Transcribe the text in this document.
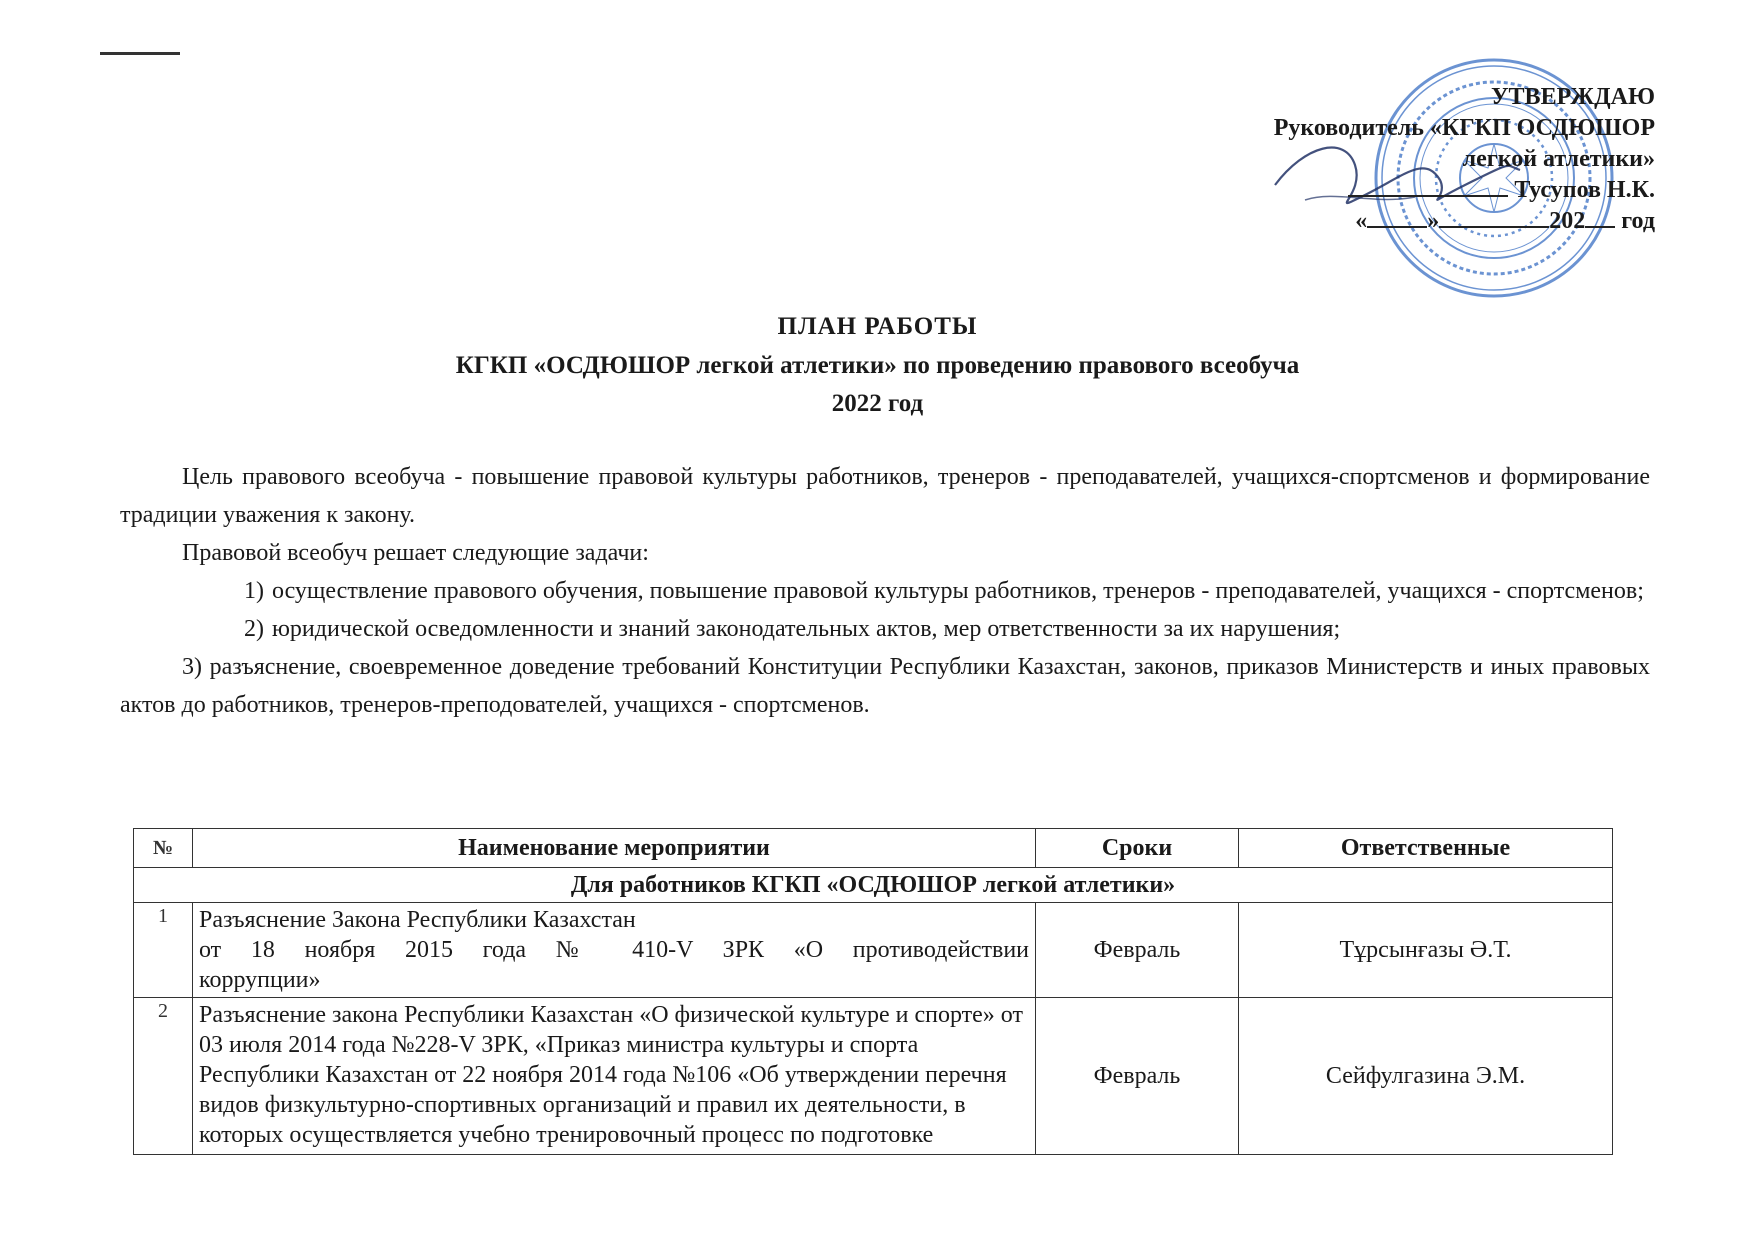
УТВЕРЖДАЮ
Руководитель «КГКП ОСДЮШОР
легкой атлетики»
Тусупов Н.К.
«	»	202 год
ПЛАН РАБОТЫ
КГКП «ОСДЮШОР легкой атлетики» по проведению правового всеобуча
2022 год

Цель правового всеобуча - повышение правовой культуры работников, тренеров - преподавателей, учащихся-спортсменов и формирование традиции уважения к закону.

Правовой всеобуч решает следующие задачи:

1) осуществление правового обучения, повышение правовой культуры работников, тренеров - преподавателей, учащихся - спортсменов;

2) юридической осведомленности и знаний законодательных актов, мер ответственности за их нарушения;

3) разъяснение, своевременное доведение требований Конституции Республики Казахстан, законов, приказов Министерств и иных правовых актов до работников, тренеров-преподователей, учащихся - спортсменов.

№	Наименование мероприятии	Сроки	Ответственные
Для работников КГКП «ОСДЮШОР легкой атлетики»			
1	Разъяснение Закона Республики Казахстан
от 18 ноября 2015 года № 410-V ЗРК «О противодействии
коррупции»	Февраль	Тұрсынғазы Ә.Т.
2	Разъяснение закона Республики Казахстан «О физической культуре и спорте» от 03 июля 2014 года №228-V ЗРК, «Приказ министра культуры и спорта Республики Казахстан от 22 ноября 2014 года №106 «Об утверждении перечня видов физкультурно-спортивных организаций и правил их деятельности, в которых осуществляется учебно тренировочный процесс по подготовке	Февраль	Сейфулгазина Э.М.
